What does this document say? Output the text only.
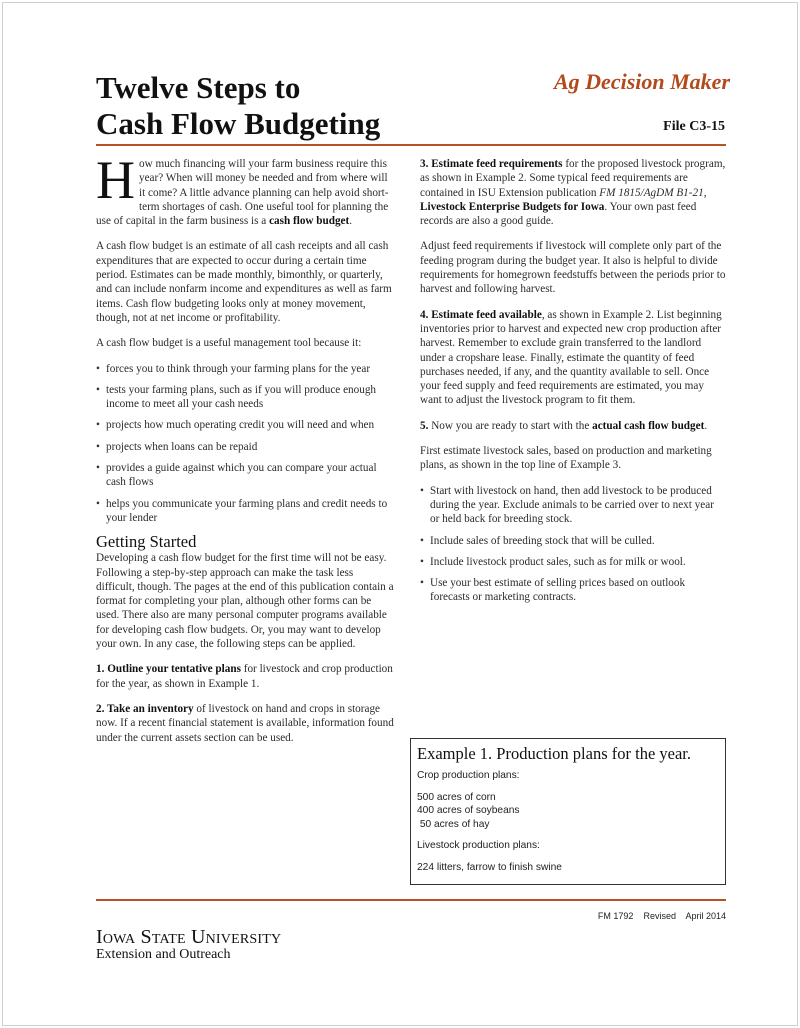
Twelve Steps to
Cash Flow Budgeting
Ag Decision Maker
File C3-15

How much financing will your farm business require this year? When will money be needed and from where will it come? A little advance planning can help avoid short-term shortages of cash. One useful tool for planning the use of capital in the farm business is a cash flow budget.

A cash flow budget is an estimate of all cash receipts and all cash expenditures that are expected to occur during a certain time period. Estimates can be made monthly, bimonthly, or quarterly, and can include nonfarm income and expenditures as well as farm items. Cash flow budgeting looks only at money movement, though, not at net income or profitability.

A cash flow budget is a useful management tool because it:

• forces you to think through your farming plans for the year
• tests your farming plans, such as if you will produce enough income to meet all your cash needs
• projects how much operating credit you will need and when
• projects when loans can be repaid
• provides a guide against which you can compare your actual cash flows
• helps you communicate your farming plans and credit needs to your lender
Getting Started

Developing a cash flow budget for the first time will not be easy. Following a step-by-step approach can make the task less difficult, though. The pages at the end of this publication contain a format for completing your plan, although other forms can be used. There also are many personal computer programs available for developing cash flow budgets. Or, you may want to develop your own. In any case, the following steps can be applied.

1. Outline your tentative plans for livestock and crop production for the year, as shown in Example 1.

2. Take an inventory of livestock on hand and crops in storage now. If a recent financial statement is available, information found under the current assets section can be used.

3. Estimate feed requirements for the proposed livestock program, as shown in Example 2. Some typical feed requirements are contained in ISU Extension publication FM 1815/AgDM B1-21, Livestock Enterprise Budgets for Iowa. Your own past feed records are also a good guide.

Adjust feed requirements if livestock will complete only part of the feeding program during the budget year. It also is helpful to divide requirements for homegrown feedstuffs between the periods prior to harvest and following harvest.

4. Estimate feed available, as shown in Example 2. List beginning inventories prior to harvest and expected new crop production after harvest. Remember to exclude grain transferred to the landlord under a cropshare lease. Finally, estimate the quantity of feed purchases needed, if any, and the quantity available to sell. Once your feed supply and feed requirements are estimated, you may want to adjust the livestock program to fit them.

5. Now you are ready to start with the actual cash flow budget.

First estimate livestock sales, based on production and marketing plans, as shown in the top line of Example 3.

• Start with livestock on hand, then add livestock to be produced during the year. Exclude animals to be carried over to next year or held back for breeding stock.
• Include sales of breeding stock that will be culled.
• Include livestock product sales, such as for milk or wool.
• Use your best estimate of selling prices based on outlook forecasts or marketing contracts.
Example 1. Production plans for the year.
Crop production plans:
500 acres of corn
400 acres of soybeans
50 acres of hay
Livestock production plans:
224 litters, farrow to finish swine
FM 1792    Revised    April 2014
Iowa State University
Extension and Outreach
